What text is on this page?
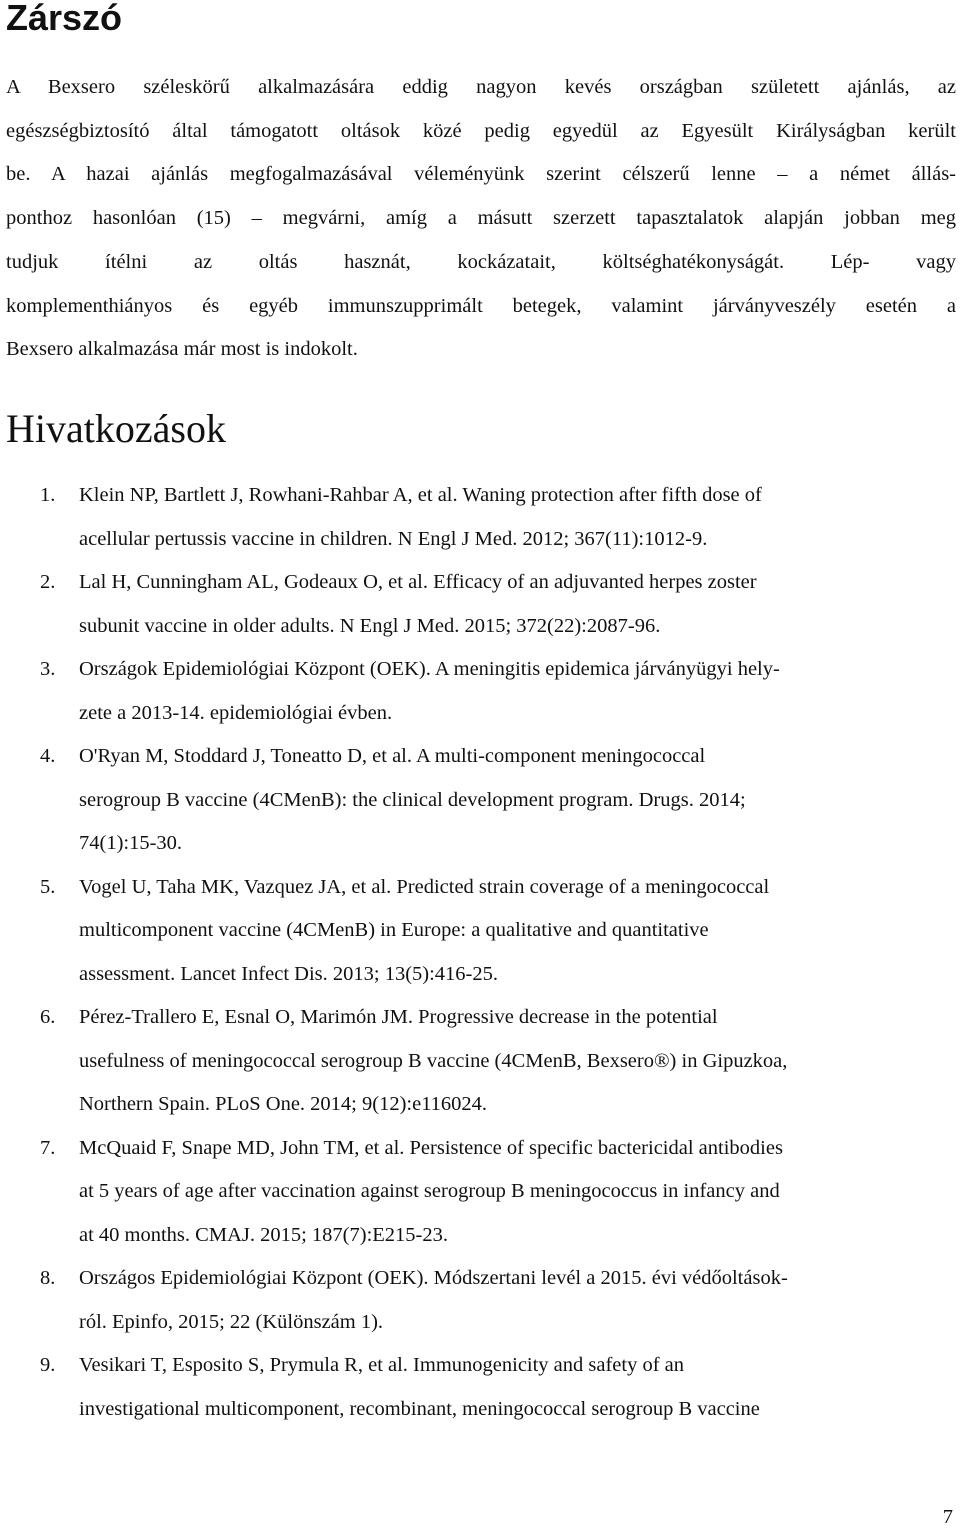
Zárszó

A Bexsero széleskörű alkalmazására eddig nagyon kevés országban született ajánlás, az
egészségbiztosító által támogatott oltások közé pedig egyedül az Egyesült Királyságban került
be. A hazai ajánlás megfogalmazásával véleményünk szerint célszerű lenne – a német állás-
ponthoz hasonlóan (15) – megvárni, amíg a másutt szerzett tapasztalatok alapján jobban meg
tudjuk ítélni az oltás hasznát, kockázatait, költséghatékonyságát. Lép- vagy
komplementhiányos és egyéb immunszupprimált betegek, valamint járványveszély esetén a
Bexsero alkalmazása már most is indokolt.

Hivatkozások
1. Klein NP, Bartlett J, Rowhani-Rahbar A, et al. Waning protection after fifth dose of
acellular pertussis vaccine in children. N Engl J Med. 2012; 367(11):1012-9.
2. Lal H, Cunningham AL, Godeaux O, et al. Efficacy of an adjuvanted herpes zoster
subunit vaccine in older adults. N Engl J Med. 2015; 372(22):2087-96.
3. Országok Epidemiológiai Központ (OEK). A meningitis epidemica járványügyi hely-
zete a 2013-14. epidemiológiai évben.
4. O'Ryan M, Stoddard J, Toneatto D, et al. A multi-component meningococcal
serogroup B vaccine (4CMenB): the clinical development program. Drugs. 2014;
74(1):15-30.
5. Vogel U, Taha MK, Vazquez JA, et al. Predicted strain coverage of a meningococcal
multicomponent vaccine (4CMenB) in Europe: a qualitative and quantitative
assessment. Lancet Infect Dis. 2013; 13(5):416-25.
6. Pérez-Trallero E, Esnal O, Marimón JM. Progressive decrease in the potential
usefulness of meningococcal serogroup B vaccine (4CMenB, Bexsero®) in Gipuzkoa,
Northern Spain. PLoS One. 2014; 9(12):e116024.
7. McQuaid F, Snape MD, John TM, et al. Persistence of specific bactericidal antibodies
at 5 years of age after vaccination against serogroup B meningococcus in infancy and
at 40 months. CMAJ. 2015; 187(7):E215-23.
8. Országos Epidemiológiai Központ (OEK). Módszertani levél a 2015. évi védőoltások-
ról. Epinfo, 2015; 22 (Különszám 1).
9. Vesikari T, Esposito S, Prymula R, et al. Immunogenicity and safety of an
investigational multicomponent, recombinant, meningococcal serogroup B vaccine
7
